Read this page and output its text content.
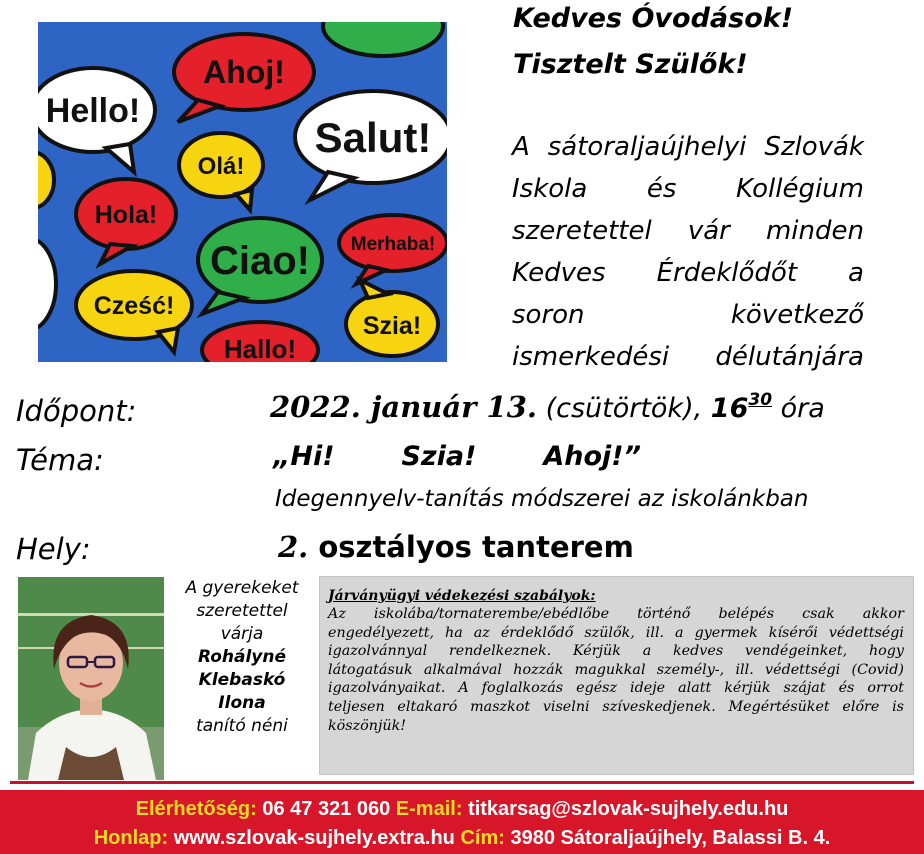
Hello!
Ahoj!
Salut!
Olá!
Hola!
Ciao! Merhaba!
Cześć!
Szia!
Hallo!
Kedves Óvodások!
Tisztelt Szülők!
A sátoraljaújhelyi Szlovák
Iskola és Kollégium
szeretettel vár minden
Kedves Érdeklődőt a
soron következő
ismerkedési délutánjára
Időpont:	2022. január 13. (csütörtök), 1630 óra
Téma:	„Hi! Szia! Ahoj!”
Idegennyelv-tanítás módszerei az iskolánkban
Hely:	2. osztályos tanterem
A gyerekeket
szeretettel
várja
Rohályné
Klebaskó
Ilona
tanító néni
Járványügyi védekezési szabályok:
Az iskolába/tornaterembe/ebédlőbe történő belépés csak akkor
engedélyezett, ha az érdeklődő szülők, ill. a gyermek kísérői védettségi
igazolvánnyal rendelkeznek. Kérjük a kedves vendégeinket, hogy
látogatásuk alkalmával hozzák magukkal személy-, ill. védettségi (Covid)
igazolványaikat. A foglalkozás egész ideje alatt kérjük szájat és orrot
teljesen eltakaró maszkot viselni szíveskedjenek. Megértésüket előre is
köszönjük!
Elérhetőség: 06 47 321 060 E-mail: titkarsag@szlovak-sujhely.edu.hu
Honlap: www.szlovak-sujhely.extra.hu Cím: 3980 Sátoraljaújhely, Balassi B. 4.
